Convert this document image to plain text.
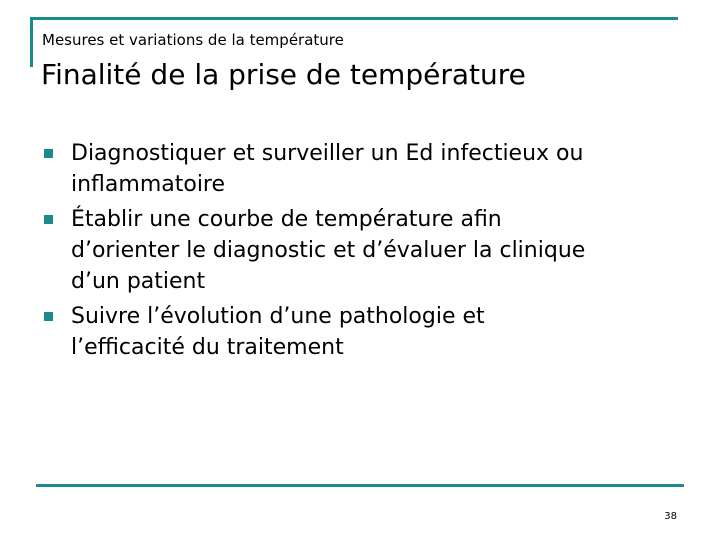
Mesures et variations de la température
Finalité de la prise de température
Diagnostiquer et surveiller un Ed infectieux ou
inflammatoire
Établir une courbe de température afin
d’orienter le diagnostic et d’évaluer la clinique
d’un patient
Suivre l’évolution d’une pathologie et
l’efficacité du traitement
38
